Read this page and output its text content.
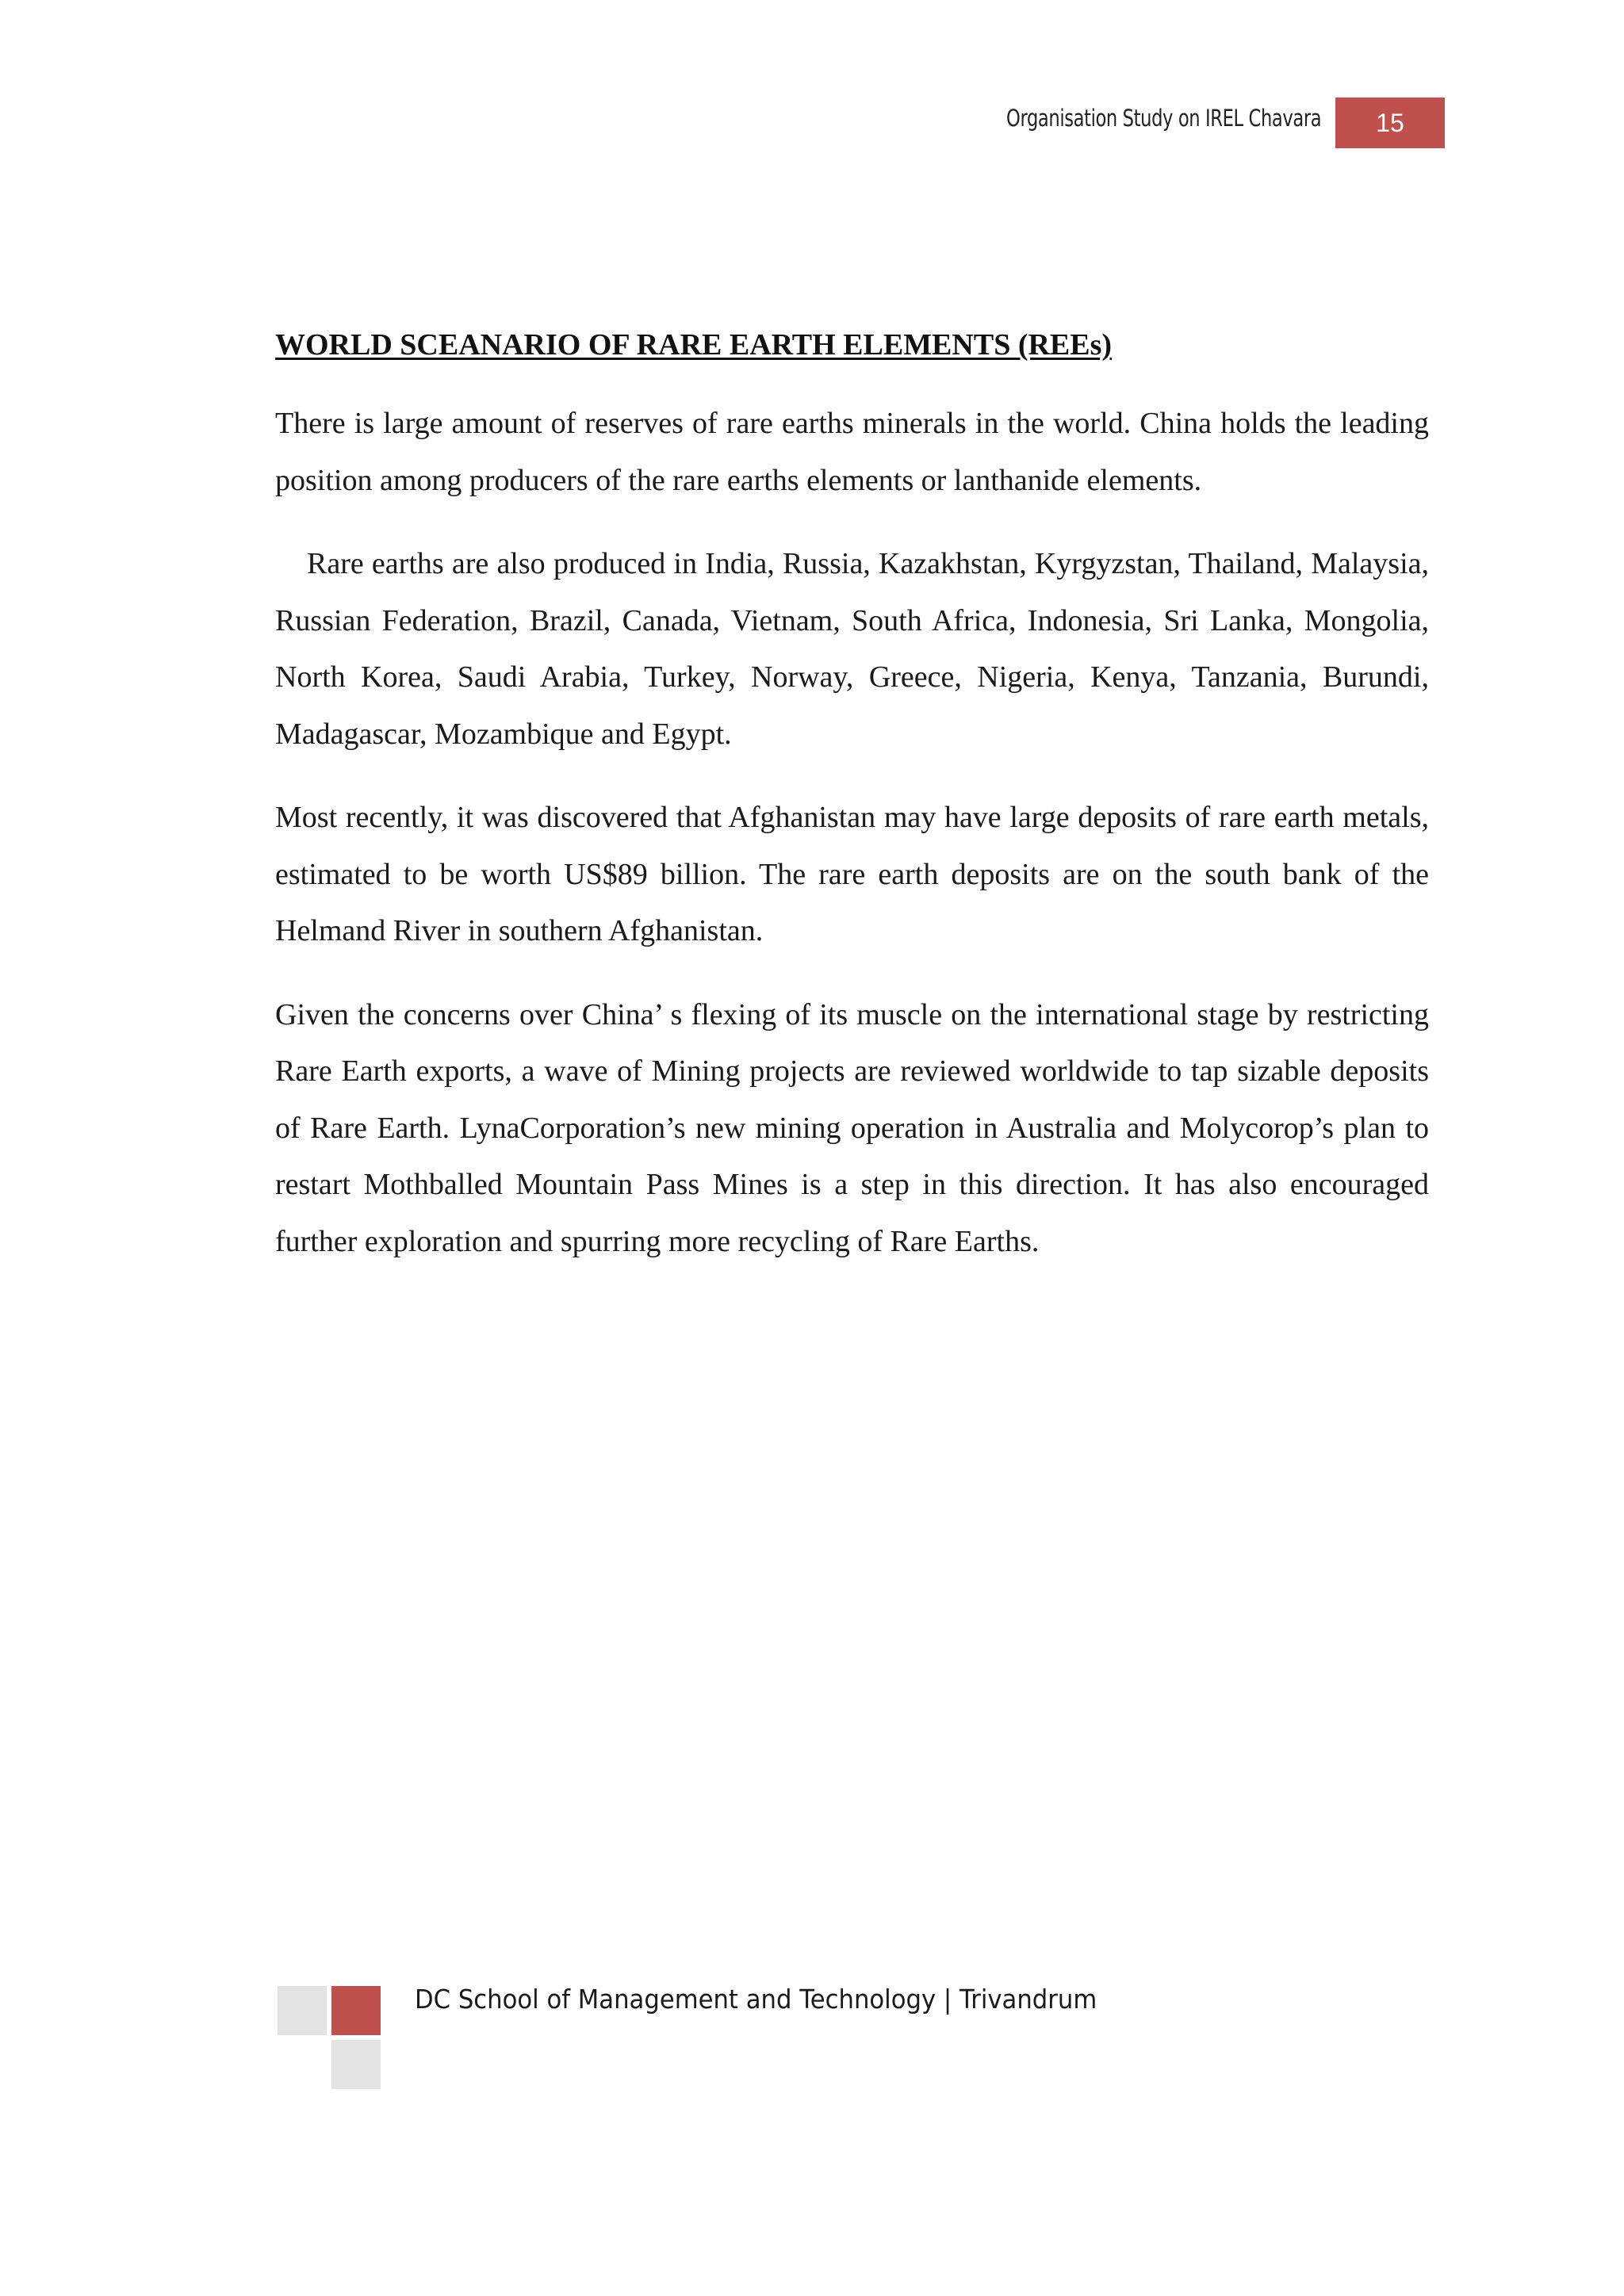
Organisation Study on IREL Chavara	15
WORLD SCEANARIO OF RARE EARTH ELEMENTS (REEs)

There is large amount of reserves of rare earths minerals in the world. China holds the leading position among producers of the rare earths elements or lanthanide elements.

Rare earths are also produced in India, Russia, Kazakhstan, Kyrgyzstan, Thailand, Malaysia, Russian Federation, Brazil, Canada, Vietnam, South Africa, Indonesia, Sri Lanka, Mongolia, North Korea, Saudi Arabia, Turkey, Norway, Greece, Nigeria, Kenya, Tanzania, Burundi, Madagascar, Mozambique and Egypt.

Most recently, it was discovered that Afghanistan may have large deposits of rare earth metals, estimated to be worth US$89 billion. The rare earth deposits are on the south bank of the Helmand River in southern Afghanistan.

Given the concerns over China’ s flexing of its muscle on the international stage by restricting Rare Earth exports, a wave of Mining projects are reviewed worldwide to tap sizable deposits of Rare Earth. LynaCorporation’s new mining operation in Australia and Molycorop’s plan to restart Mothballed Mountain Pass Mines is a step in this direction. It has also encouraged further exploration and spurring more recycling of Rare Earths.

DC School of Management and Technology | Trivandrum
